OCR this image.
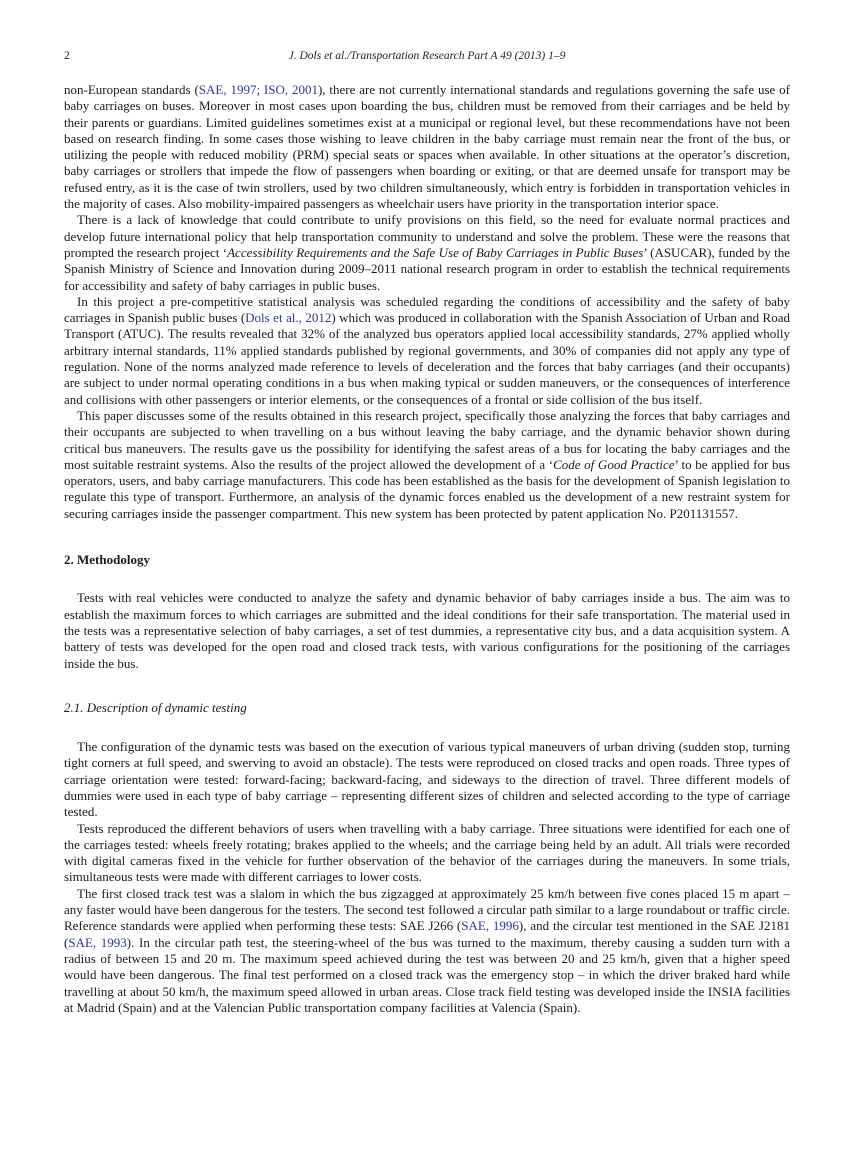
2	J. Dols et al./Transportation Research Part A 49 (2013) 1–9

non-European standards (SAE, 1997; ISO, 2001), there are not currently international standards and regulations governing the safe use of baby carriages on buses. Moreover in most cases upon boarding the bus, children must be removed from their carriages and be held by their parents or guardians. Limited guidelines sometimes exist at a municipal or regional level, but these recommendations have not been based on research finding. In some cases those wishing to leave children in the baby carriage must remain near the front of the bus, or utilizing the people with reduced mobility (PRM) special seats or spaces when available. In other situations at the operator’s discretion, baby carriages or strollers that impede the flow of passengers when boarding or exiting, or that are deemed unsafe for transport may be refused entry, as it is the case of twin strollers, used by two children simultaneously, which entry is forbidden in transportation vehicles in the majority of cases. Also mobility-impaired passengers as wheelchair users have priority in the transportation interior space.

There is a lack of knowledge that could contribute to unify provisions on this field, so the need for evaluate normal practices and develop future international policy that help transportation community to understand and solve the problem. These were the reasons that prompted the research project ‘Accessibility Requirements and the Safe Use of Baby Carriages in Public Buses’ (ASUCAR), funded by the Spanish Ministry of Science and Innovation during 2009–2011 national research program in order to establish the technical requirements for accessibility and safety of baby carriages in public buses.

In this project a pre-competitive statistical analysis was scheduled regarding the conditions of accessibility and the safety of baby carriages in Spanish public buses (Dols et al., 2012) which was produced in collaboration with the Spanish Association of Urban and Road Transport (ATUC). The results revealed that 32% of the analyzed bus operators applied local accessibility standards, 27% applied wholly arbitrary internal standards, 11% applied standards published by regional governments, and 30% of companies did not apply any type of regulation. None of the norms analyzed made reference to levels of deceleration and the forces that baby carriages (and their occupants) are subject to under normal operating conditions in a bus when making typical or sudden maneuvers, or the consequences of interference and collisions with other passengers or interior elements, or the consequences of a frontal or side collision of the bus itself.

This paper discusses some of the results obtained in this research project, specifically those analyzing the forces that baby carriages and their occupants are subjected to when travelling on a bus without leaving the baby carriage, and the dynamic behavior shown during critical bus maneuvers. The results gave us the possibility for identifying the safest areas of a bus for locating the baby carriages and the most suitable restraint systems. Also the results of the project allowed the development of a ‘Code of Good Practice’ to be applied for bus operators, users, and baby carriage manufacturers. This code has been established as the basis for the development of Spanish legislation to regulate this type of transport. Furthermore, an analysis of the dynamic forces enabled us the development of a new restraint system for securing carriages inside the passenger compartment. This new system has been protected by patent application No. P201131557.

2. Methodology

Tests with real vehicles were conducted to analyze the safety and dynamic behavior of baby carriages inside a bus. The aim was to establish the maximum forces to which carriages are submitted and the ideal conditions for their safe transportation. The material used in the tests was a representative selection of baby carriages, a set of test dummies, a representative city bus, and a data acquisition system. A battery of tests was developed for the open road and closed track tests, with various configurations for the positioning of the carriages inside the bus.

2.1. Description of dynamic testing

The configuration of the dynamic tests was based on the execution of various typical maneuvers of urban driving (sudden stop, turning tight corners at full speed, and swerving to avoid an obstacle). The tests were reproduced on closed tracks and open roads. Three types of carriage orientation were tested: forward-facing; backward-facing, and sideways to the direction of travel. Three different models of dummies were used in each type of baby carriage – representing different sizes of children and selected according to the type of carriage tested.

Tests reproduced the different behaviors of users when travelling with a baby carriage. Three situations were identified for each one of the carriages tested: wheels freely rotating; brakes applied to the wheels; and the carriage being held by an adult. All trials were recorded with digital cameras fixed in the vehicle for further observation of the behavior of the carriages during the maneuvers. In some trials, simultaneous tests were made with different carriages to lower costs.

The first closed track test was a slalom in which the bus zigzagged at approximately 25 km/h between five cones placed 15 m apart – any faster would have been dangerous for the testers. The second test followed a circular path similar to a large roundabout or traffic circle. Reference standards were applied when performing these tests: SAE J266 (SAE, 1996), and the circular test mentioned in the SAE J2181 (SAE, 1993). In the circular path test, the steering-wheel of the bus was turned to the maximum, thereby causing a sudden turn with a radius of between 15 and 20 m. The maximum speed achieved during the test was between 20 and 25 km/h, given that a higher speed would have been dangerous. The final test performed on a closed track was the emergency stop – in which the driver braked hard while travelling at about 50 km/h, the maximum speed allowed in urban areas. Close track field testing was developed inside the INSIA facilities at Madrid (Spain) and at the Valencian Public transportation company facilities at Valencia (Spain).
